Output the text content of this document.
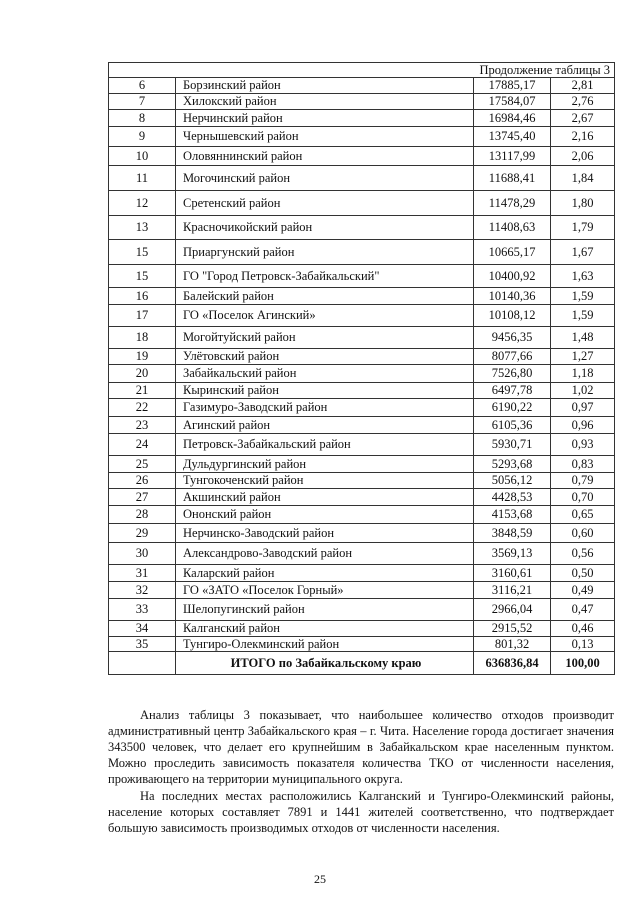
Продолжение таблицы 3			
6	Борзинский район	17885,17	2,81
7	Хилокский район	17584,07	2,76
8	Нерчинский район	16984,46	2,67
9	Чернышевский район	13745,40	2,16
10	Оловяннинский район	13117,99	2,06
11	Могочинский район	11688,41	1,84
12	Сретенский район	11478,29	1,80
13	Красночикойский район	11408,63	1,79
15	Приаргунский район	10665,17	1,67
15	ГО "Город Петровск-Забайкальский"	10400,92	1,63
16	Балейский район	10140,36	1,59
17	ГО «Поселок Агинский»	10108,12	1,59
18	Могойтуйский район	9456,35	1,48
19	Улётовский район	8077,66	1,27
20	Забайкальский район	7526,80	1,18
21	Кыринский район	6497,78	1,02
22	Газимуро-Заводский район	6190,22	0,97
23	Агинский район	6105,36	0,96
24	Петровск-Забайкальский район	5930,71	0,93
25	Дульдургинский район	5293,68	0,83
26	Тунгокоченский район	5056,12	0,79
27	Акшинский район	4428,53	0,70
28	Ононский район	4153,68	0,65
29	Нерчинско-Заводский район	3848,59	0,60
30	Александрово-Заводский район	3569,13	0,56
31	Каларский район	3160,61	0,50
32	ГО «ЗАТО «Поселок Горный»	3116,21	0,49
33	Шелопугинский район	2966,04	0,47
34	Калганский район	2915,52	0,46
35	Тунгиро-Олекминский район	801,32	0,13
	ИТОГО по Забайкальскому краю	636836,84	100,00

Анализ таблицы 3 показывает, что наибольшее количество отходов производит административный центр Забайкальского края – г. Чита. Население города достигает значения 343500 человек, что делает его крупнейшим в Забайкальском крае населенным пунктом. Можно проследить зависимость показателя количества ТКО от численности населения, проживающего на территории муниципального округа.

На последних местах расположились Калганский и Тунгиро-Олекминский районы, население которых составляет 7891 и 1441 жителей соответственно, что подтверждает большую зависимость производимых отходов от численности населения.

25
